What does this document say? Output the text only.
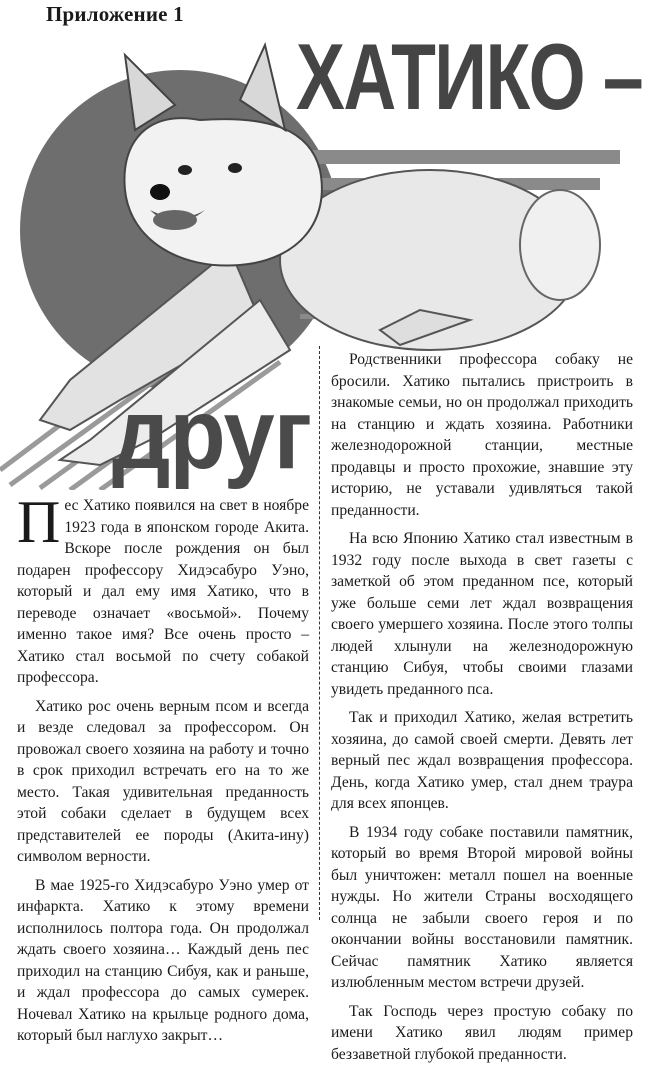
Приложение 1
ХАТИКО –
друг

Пес Хатико появился на свет в ноябре 1923 года в японском городе Акита. Вскоре после рождения он был подарен профессору Хидэсабуро Уэно, который и дал ему имя Хатико, что в переводе означает «восьмой». Почему именно такое имя? Все очень просто – Хатико стал восьмой по счету собакой профессора.

Хатико рос очень верным псом и всегда и везде следовал за профессором. Он провожал своего хозяина на работу и точно в срок приходил встречать его на то же место. Такая удивительная преданность этой собаки сделает в будущем всех представителей ее породы (Акита-ину) символом верности.

В мае 1925-го Хидэсабуро Уэно умер от инфаркта. Хатико к этому времени исполнилось полтора года. Он продолжал ждать своего хозяина… Каждый день пес приходил на станцию Сибуя, как и раньше, и ждал профессора до самых сумерек. Ночевал Хатико на крыльце родного дома, который был наглухо закрыт…

Родственники профессора собаку не бросили. Хатико пытались пристроить в знакомые семьи, но он продолжал приходить на станцию и ждать хозяина. Работники железнодорожной станции, местные продавцы и просто прохожие, знавшие эту историю, не уставали удивляться такой преданности.

На всю Японию Хатико стал известным в 1932 году после выхода в свет газеты с заметкой об этом преданном псе, который уже больше семи лет ждал возвращения своего умершего хозяина. После этого толпы людей хлынули на железнодорожную станцию Сибуя, чтобы своими глазами увидеть преданного пса.

Так и приходил Хатико, желая встретить хозяина, до самой своей смерти. Девять лет верный пес ждал возвращения профессора. День, когда Хатико умер, стал днем траура для всех японцев.

В 1934 году собаке поставили памятник, который во время Второй мировой войны был уничтожен: металл пошел на военные нужды. Но жители Страны восходящего солнца не забыли своего героя и по окончании войны восстановили памятник. Сейчас памятник Хатико является излюбленным местом встречи друзей.

Так Господь через простую собаку по имени Хатико явил людям пример беззаветной глубокой преданности.
